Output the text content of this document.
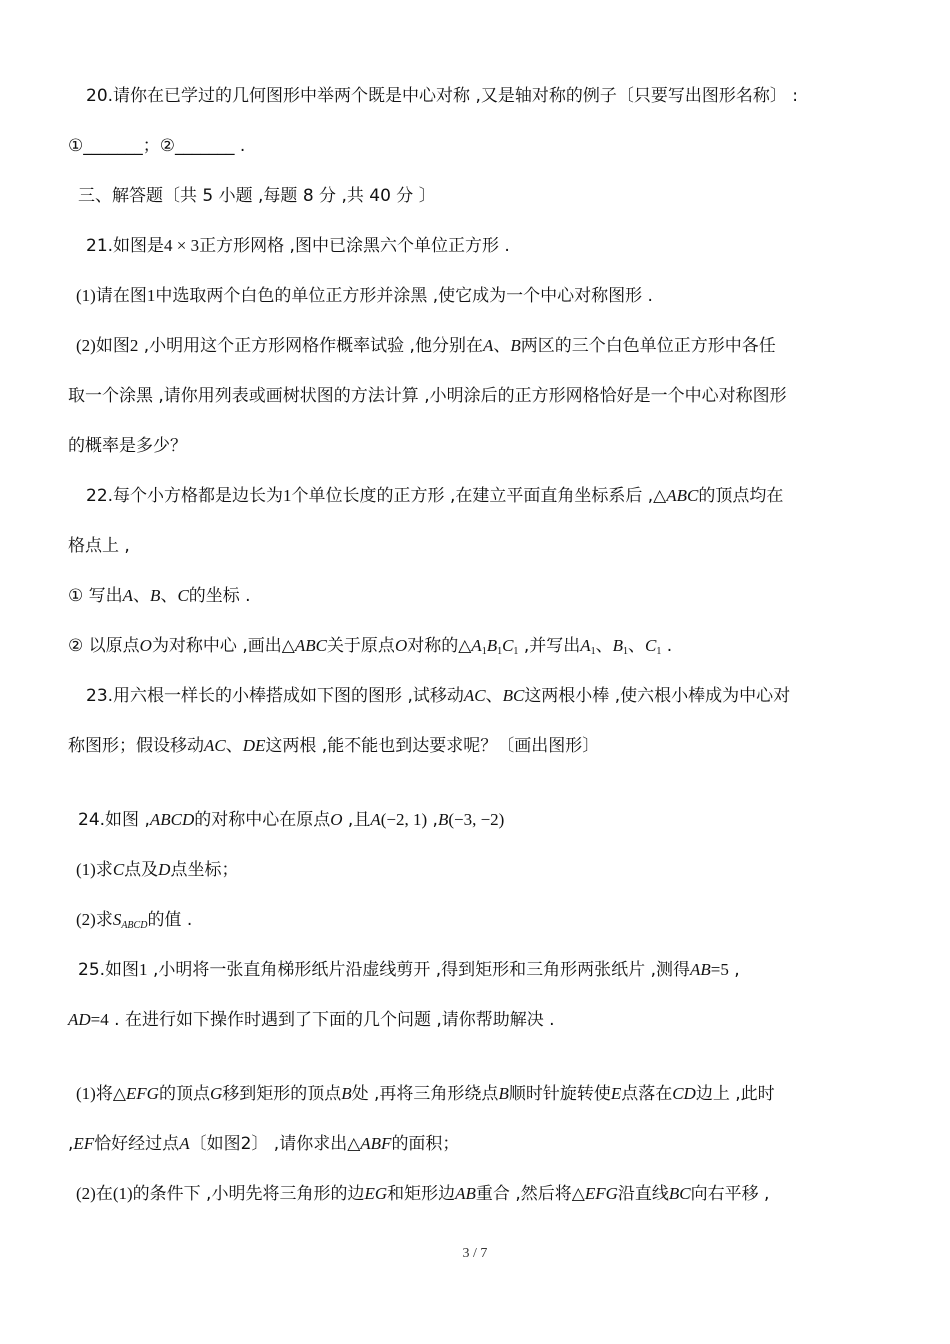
20.请你在已学过的几何图形中举两个既是中心对称 ,又是轴对称的例子〔只要写出图形名称〕 :
①_______；②_______ .
三、解答题〔共 5 小题 ,每题 8 分 ,共 40 分 〕
21.如图是4 × 3正方形网格 ,图中已涂黑六个单位正方形 .
(1)请在图1中选取两个白色的单位正方形并涂黑 ,使它成为一个中心对称图形 .
(2)如图2 ,小明用这个正方形网格作概率试验 ,他分别在A、B两区的三个白色单位正方形中各任
取一个涂黑 ,请你用列表或画树状图的方法计算 ,小明涂后的正方形网格恰好是一个中心对称图形
的概率是多少？
22.每个小方格都是边长为1个单位长度的正方形 ,在建立平面直角坐标系后 ,△ABC的顶点均在
格点上 ,
① 写出A、B、C的坐标 .
② 以原点O为对称中心 ,画出△ABC关于原点O对称的$\triangle A_1B_1C_1$ ,并写出$A_1$、$B_1$、$C_1$ .
23.用六根一样长的小棒搭成如下图的图形 ,试移动AC、BC这两根小棒 ,使六根小棒成为中心对
称图形；假设移动AC、DE这两根 ,能不能也到达要求呢？〔画出图形〕
24.如图 ,ABCD的对称中心在原点O ,且A(−2, 1) ,B(−3, −2)
(1)求C点及D点坐标；
(2)求$S_{ABCD}$的值 .
25.如图1 ,小明将一张直角梯形纸片沿虚线剪开 ,得到矩形和三角形两张纸片 ,测得AB=5 ,
AD=4 . 在进行如下操作时遇到了下面的几个问题 ,请你帮助解决 .
(1)将△EFG的顶点G移到矩形的顶点B处 ,再将三角形绕点B顺时针旋转使E点落在CD边上 ,此时
,EF恰好经过点A〔如图2〕 ,请你求出△ABF的面积；
(2)在(1)的条件下 ,小明先将三角形的边EG和矩形边AB重合 ,然后将△EFG沿直线BC向右平移 ,
3 / 7
